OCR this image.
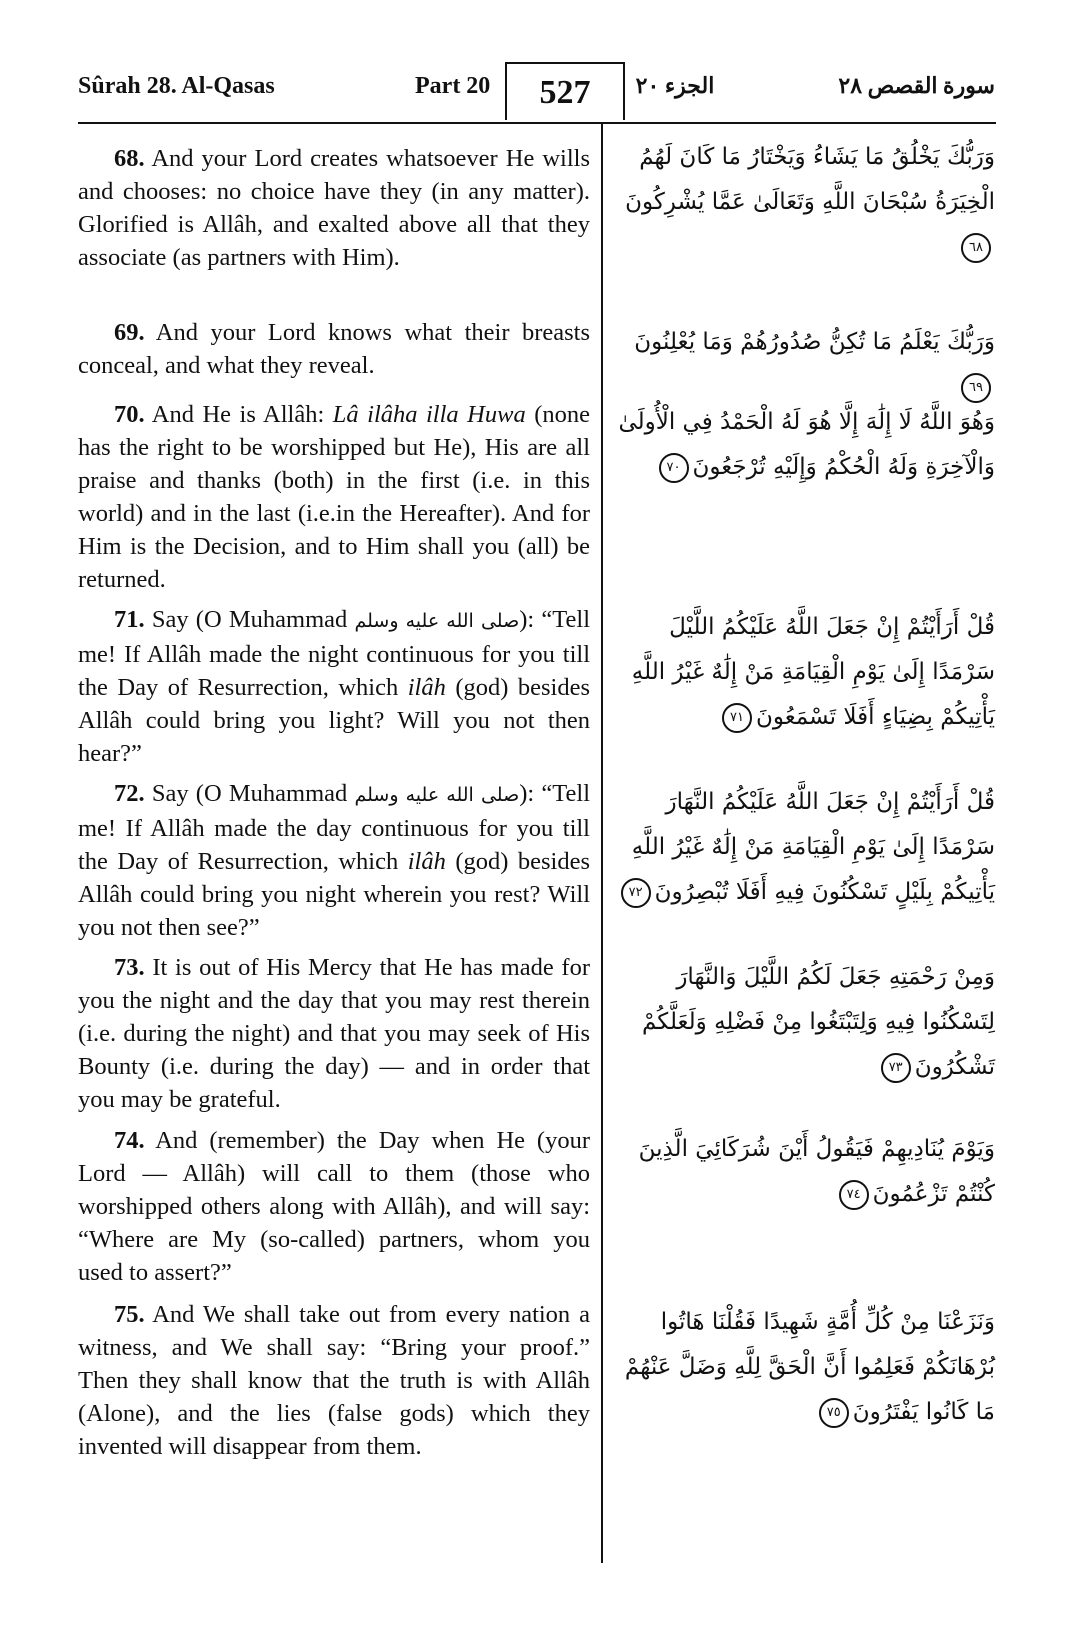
Sûrah 28. Al-Qasas	Part 20	527	الجزء ٢٠	سورة القصص ٢٨

68. And your Lord creates whatsoever He wills and chooses: no choice have they (in any matter). Glorified is Allâh, and exalted above all that they associate (as partners with Him).

وَرَبُّكَ يَخْلُقُ مَا يَشَاءُ وَيَخْتَارُ مَا كَانَ لَهُمُ الْخِيَرَةُ سُبْحَانَ اللَّهِ وَتَعَالَىٰ عَمَّا يُشْرِكُونَ٦٨

69. And your Lord knows what their breasts conceal, and what they reveal.

وَرَبُّكَ يَعْلَمُ مَا تُكِنُّ صُدُورُهُمْ وَمَا يُعْلِنُونَ٦٩

70. And He is Allâh: Lâ ilâha illa Huwa (none has the right to be worshipped but He), His are all praise and thanks (both) in the first (i.e. in this world) and in the last (i.e.in the Hereafter). And for Him is the Decision, and to Him shall you (all) be returned.

وَهُوَ اللَّهُ لَا إِلَٰهَ إِلَّا هُوَ لَهُ الْحَمْدُ فِي الْأُولَىٰ وَالْآخِرَةِ وَلَهُ الْحُكْمُ وَإِلَيْهِ تُرْجَعُونَ٧٠

71. Say (O Muhammad صلى الله عليه وسلم): “Tell me! If Allâh made the night continuous for you till the Day of Resurrection, which ilâh (god) besides Allâh could bring you light? Will you not then hear?”

قُلْ أَرَأَيْتُمْ إِنْ جَعَلَ اللَّهُ عَلَيْكُمُ اللَّيْلَ سَرْمَدًا إِلَىٰ يَوْمِ الْقِيَامَةِ مَنْ إِلَٰهٌ غَيْرُ اللَّهِ يَأْتِيكُمْ بِضِيَاءٍ أَفَلَا تَسْمَعُونَ٧١

72. Say (O Muhammad صلى الله عليه وسلم): “Tell me! If Allâh made the day continuous for you till the Day of Resurrection, which ilâh (god) besides Allâh could bring you night wherein you rest? Will you not then see?”

قُلْ أَرَأَيْتُمْ إِنْ جَعَلَ اللَّهُ عَلَيْكُمُ النَّهَارَ سَرْمَدًا إِلَىٰ يَوْمِ الْقِيَامَةِ مَنْ إِلَٰهٌ غَيْرُ اللَّهِ يَأْتِيكُمْ بِلَيْلٍ تَسْكُنُونَ فِيهِ أَفَلَا تُبْصِرُونَ٧٢

73. It is out of His Mercy that He has made for you the night and the day that you may rest therein (i.e. during the night) and that you may seek of His Bounty (i.e. during the day) — and in order that you may be grateful.

وَمِنْ رَحْمَتِهِ جَعَلَ لَكُمُ اللَّيْلَ وَالنَّهَارَ لِتَسْكُنُوا فِيهِ وَلِتَبْتَغُوا مِنْ فَضْلِهِ وَلَعَلَّكُمْ تَشْكُرُونَ٧٣

74. And (remember) the Day when He (your Lord — Allâh) will call to them (those who worshipped others along with Allâh), and will say: “Where are My (so-called) partners, whom you used to assert?”

وَيَوْمَ يُنَادِيهِمْ فَيَقُولُ أَيْنَ شُرَكَائِيَ الَّذِينَ كُنْتُمْ تَزْعُمُونَ٧٤

75. And We shall take out from every nation a witness, and We shall say: “Bring your proof.” Then they shall know that the truth is with Allâh (Alone), and the lies (false gods) which they invented will disappear from them.

وَنَزَعْنَا مِنْ كُلِّ أُمَّةٍ شَهِيدًا فَقُلْنَا هَاتُوا بُرْهَانَكُمْ فَعَلِمُوا أَنَّ الْحَقَّ لِلَّهِ وَضَلَّ عَنْهُمْ مَا كَانُوا يَفْتَرُونَ٧٥
